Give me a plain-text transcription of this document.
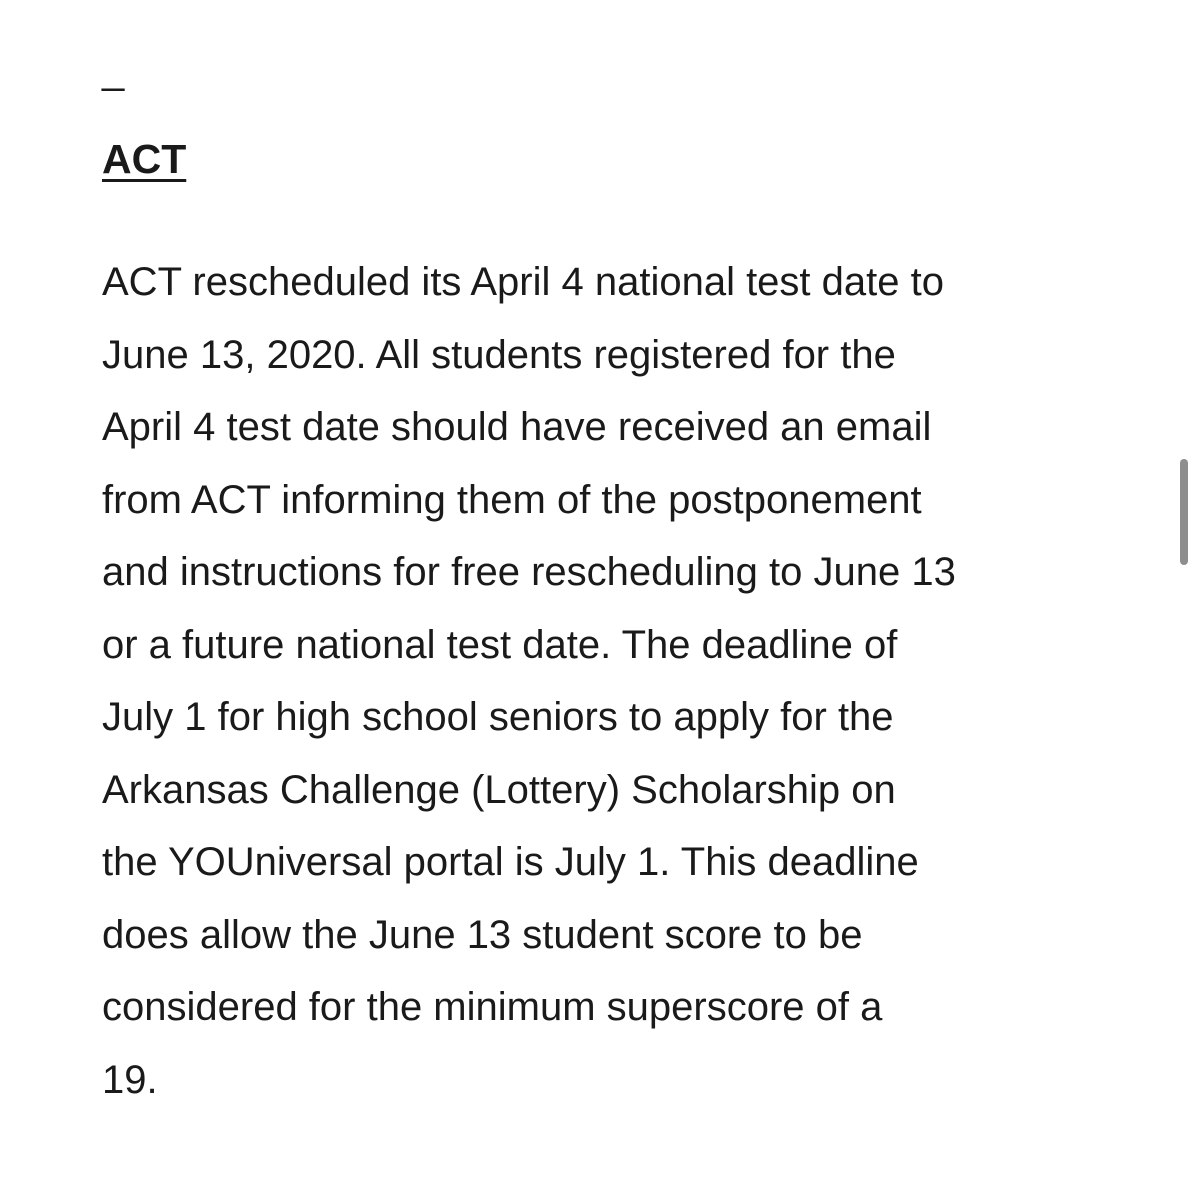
_
ACT
ACT rescheduled its April 4 national test date to
June 13, 2020. All students registered for the
April 4 test date should have received an email
from ACT informing them of the postponement
and instructions for free rescheduling to June 13
or a future national test date. The deadline of
July 1 for high school seniors to apply for the
Arkansas Challenge (Lottery) Scholarship on
the YOUniversal portal is July 1. This deadline
does allow the June 13 student score to be
considered for the minimum superscore of a
19.
